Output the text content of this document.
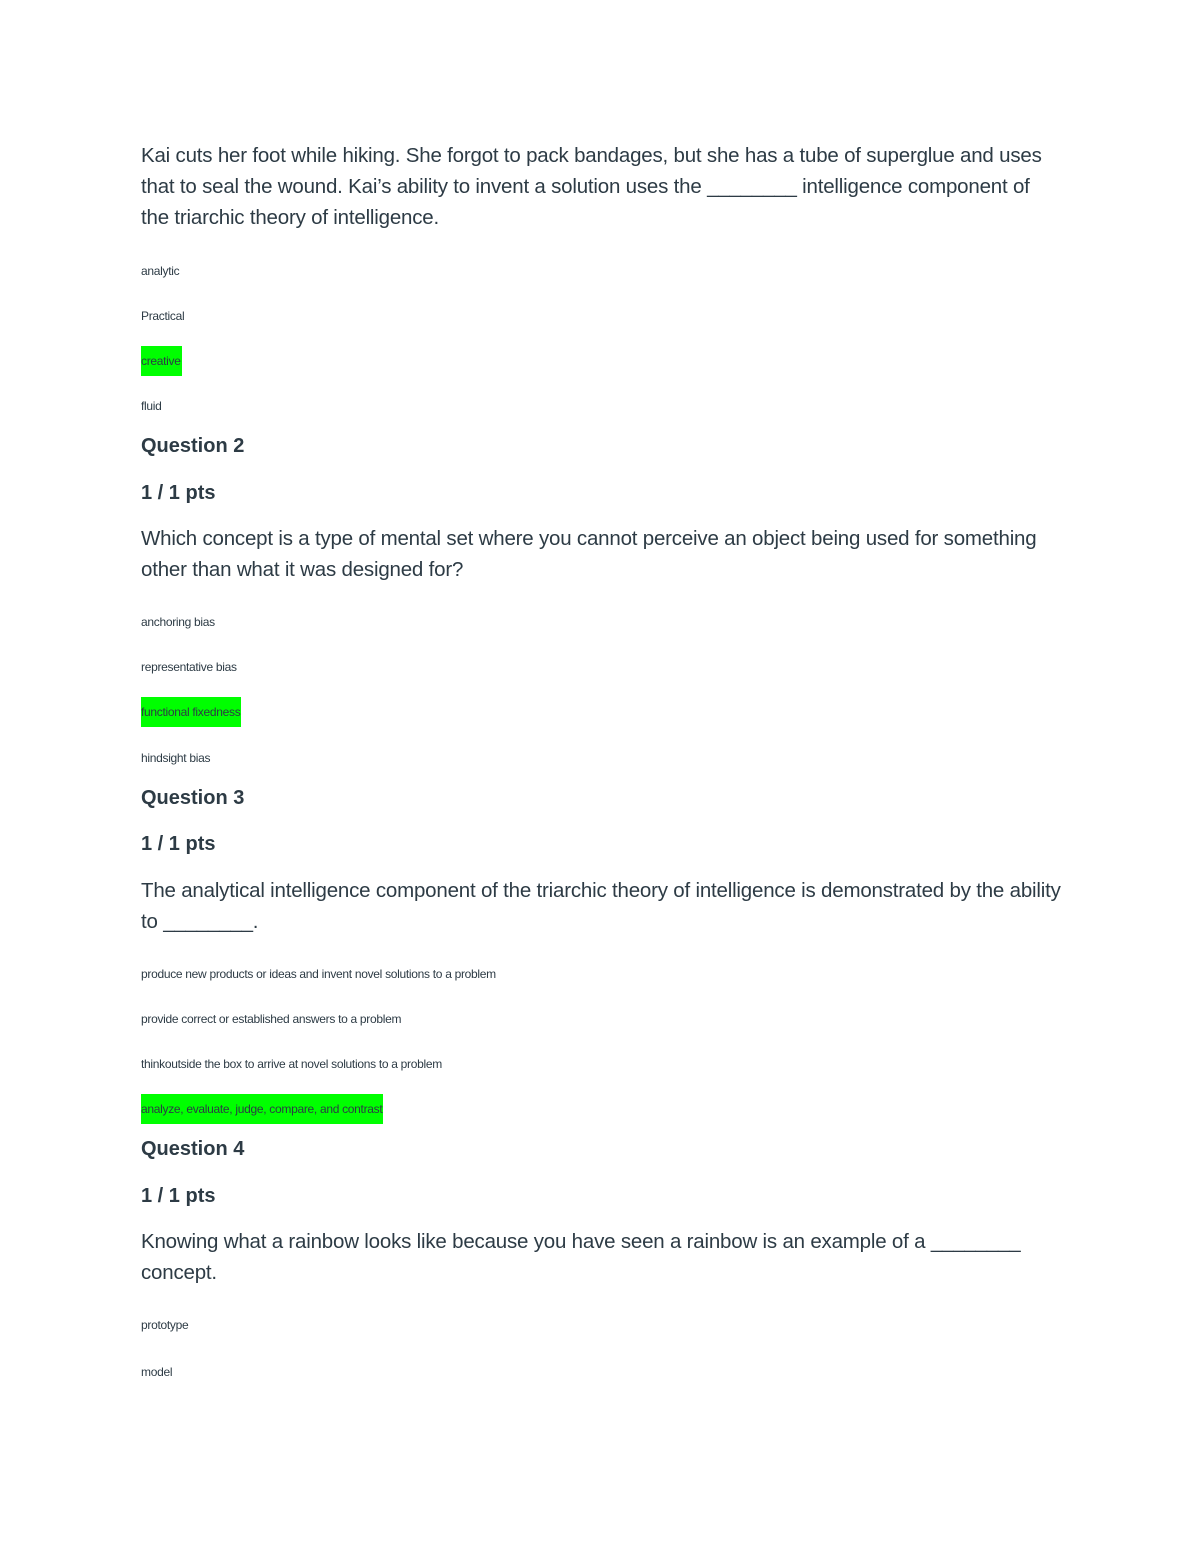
Kai cuts her foot while hiking. She forgot to pack bandages, but she has a tube of superglue and uses that to seal the wound. Kai’s ability to invent a solution uses the ________ intelligence component of the triarchic theory of intelligence.
analytic
Practical
creative
fluid
Question 2
1 / 1 pts
Which concept is a type of mental set where you cannot perceive an object being used for something other than what it was designed for?
anchoring bias
representative bias
functional fixedness
hindsight bias
Question 3
1 / 1 pts
The analytical intelligence component of the triarchic theory of intelligence is demonstrated by the ability to ________.
produce new products or ideas and invent novel solutions to a problem
provide correct or established answers to a problem
thinkoutside the box to arrive at novel solutions to a problem
analyze, evaluate, judge, compare, and contrast
Question 4
1 / 1 pts
Knowing what a rainbow looks like because you have seen a rainbow is an example of a ________ concept.
prototype
model
